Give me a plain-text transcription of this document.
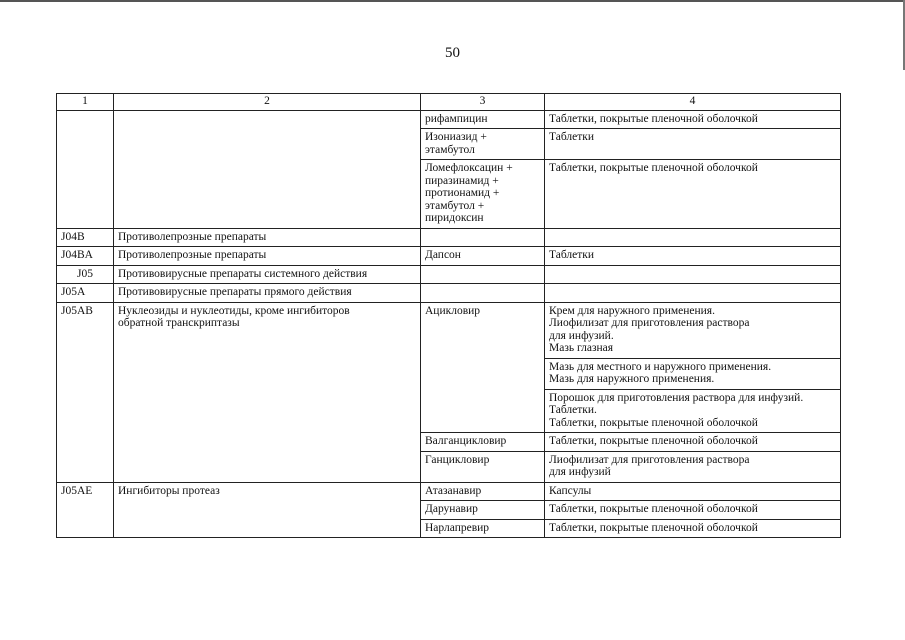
50
1	2	3	4
		рифампицин	Таблетки, покрытые пленочной оболочкой

		Изониазид +
этамбутол	Таблетки

		Ломефлоксацин +
пиразинамид +
протионамид +
этамбутол +
пиридоксин	Таблетки, покрытые пленочной оболочкой
J04B	Противолепрозные препараты		
J04BA	Противолепрозные препараты	Дапсон	Таблетки
J05	Противовирусные препараты системного действия		
J05A	Противовирусные препараты прямого действия		
J05AB	Нуклеозиды и нуклеотиды, кроме ингибиторов
обратной транскриптазы	Ацикловир	Крем для наружного применения.
Лиофилизат для приготовления раствора
для инфузий.
Мазь глазная

			Мазь для местного и наружного применения.
Мазь для наружного применения.

			Порошок для приготовления раствора для инфузий.
Таблетки.
Таблетки, покрытые пленочной оболочкой

		Валганцикловир	Таблетки, покрытые пленочной оболочкой
		Ганцикловир	Лиофилизат для приготовления раствора
для инфузий

J05AE	Ингибиторы протеаз	Атазанавир	Капсулы
		Дарунавир	Таблетки, покрытые пленочной оболочкой
		Нарлапревир	Таблетки, покрытые пленочной оболочкой
